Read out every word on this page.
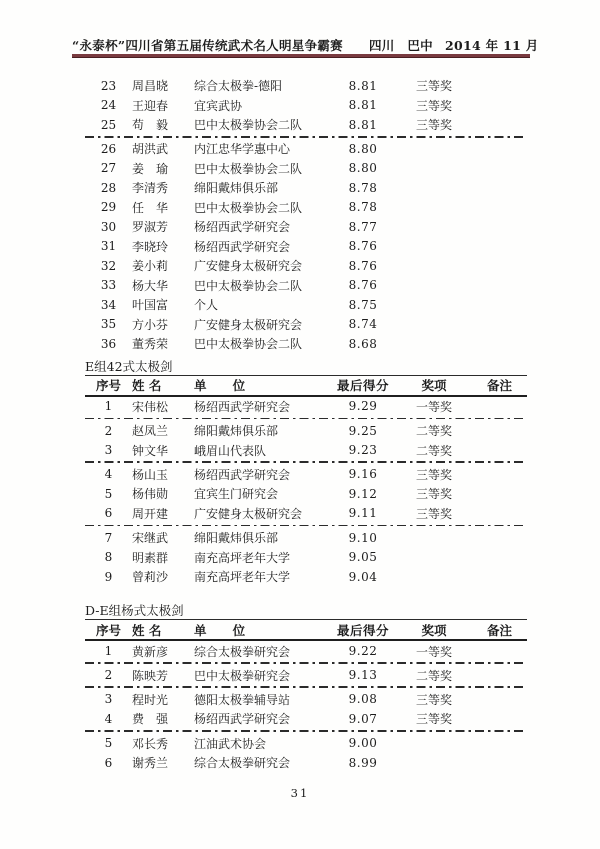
“永泰杯”四川省第五届传统武术名人明星争霸赛 四川　巴中 2014 年 11 月
23	周昌晓	综合太极拳-德阳	8.81	三等奖
24	王迎春	宜宾武协	8.81	三等奖
25	苟　毅	巴中太极拳协会二队	8.81	三等奖
26	胡洪武	内江忠华学惠中心	8.80
27	姜　瑜	巴中太极拳协会二队	8.80
28	李清秀	绵阳戴炜俱乐部	8.78
29	任　华	巴中太极拳协会二队	8.78
30	罗淑芳	杨绍西武学研究会	8.77
31	李晓玲	杨绍西武学研究会	8.76
32	姜小莉	广安健身太极研究会	8.76
33	杨大华	巴中太极拳协会二队	8.76
34	叶国富	个人	8.75
35	方小芬	广安健身太极研究会	8.74
36	董秀荣	巴中太极拳协会二队	8.68
E组42式太极剑
序号 姓 名	单      位	最后得分	奖项	备注
1	宋伟松	杨绍西武学研究会	9.29	一等奖
2	赵凤兰	绵阳戴炜俱乐部	9.25	二等奖
3	钟文华	峨眉山代表队	9.23	二等奖
4	杨山玉	杨绍西武学研究会	9.16	三等奖
5	杨伟勋	宜宾生门研究会	9.12	三等奖
6	周开建	广安健身太极研究会	9.11	三等奖
7	宋继武	绵阳戴炜俱乐部	9.10
8	明素群	南充高坪老年大学	9.05
9	曾莉沙	南充高坪老年大学	9.04
D-E组杨式太极剑
序号 姓 名	单      位	最后得分	奖项	备注
1	黄新彦	综合太极拳研究会	9.22	一等奖
2	陈映芳	巴中太极拳研究会	9.13	二等奖
3	程时光	德阳太极拳辅导站	9.08	三等奖
4	费　强	杨绍西武学研究会	9.07	三等奖
5	邓长秀	江油武术协会	9.00
6	谢秀兰	综合太极拳研究会	8.99
31
